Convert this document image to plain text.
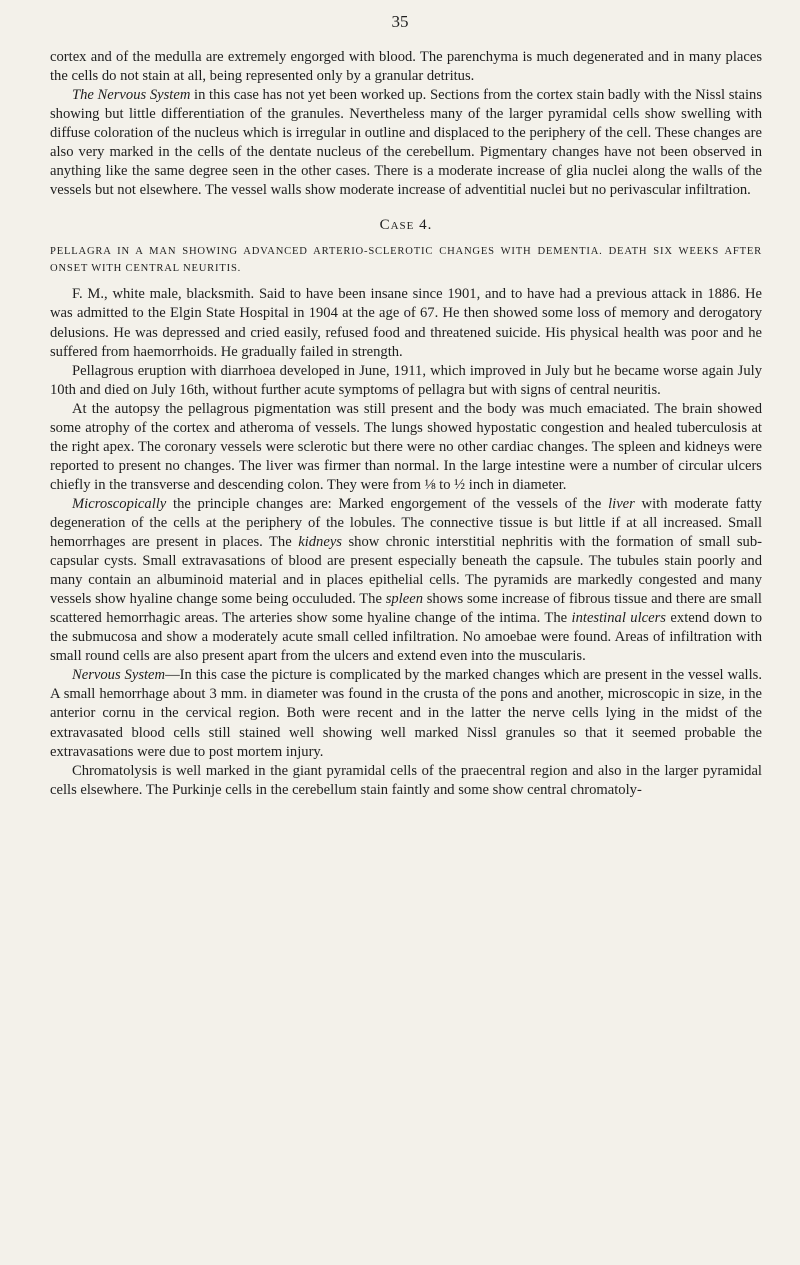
35

cortex and of the medulla are extremely engorged with blood. The parenchyma is much degenerated and in many places the cells do not stain at all, being represented only by a granular detritus.

The Nervous System in this case has not yet been worked up. Sections from the cortex stain badly with the Nissl stains showing but little differentiation of the granules. Nevertheless many of the larger pyramidal cells show swelling with diffuse coloration of the nucleus which is irregular in outline and displaced to the periphery of the cell. These changes are also very marked in the cells of the dentate nucleus of the cerebellum. Pigmentary changes have not been observed in anything like the same degree seen in the other cases. There is a moderate increase of glia nuclei along the walls of the vessels but not elsewhere. The vessel walls show moderate increase of adventitial nuclei but no perivascular infiltration.

Case 4.
PELLAGRA IN A MAN SHOWING ADVANCED ARTERIO-SCLEROTIC CHANGES WITH DEMENTIA. DEATH SIX WEEKS AFTER ONSET WITH CENTRAL NEURITIS.

F. M., white male, blacksmith. Said to have been insane since 1901, and to have had a previous attack in 1886. He was admitted to the Elgin State Hospital in 1904 at the age of 67. He then showed some loss of memory and derogatory delusions. He was depressed and cried easily, refused food and threatened suicide. His physical health was poor and he suffered from haemorrhoids. He gradually failed in strength.

Pellagrous eruption with diarrhoea developed in June, 1911, which improved in July but he became worse again July 10th and died on July 16th, without further acute symptoms of pellagra but with signs of central neuritis.

At the autopsy the pellagrous pigmentation was still present and the body was much emaciated. The brain showed some atrophy of the cortex and atheroma of vessels. The lungs showed hypostatic congestion and healed tuberculosis at the right apex. The coronary vessels were sclerotic but there were no other cardiac changes. The spleen and kidneys were reported to present no changes. The liver was firmer than normal. In the large intestine were a number of circular ulcers chiefly in the transverse and descending colon. They were from ⅛ to ½ inch in diameter.

Microscopically the principle changes are: Marked engorgement of the vessels of the liver with moderate fatty degeneration of the cells at the periphery of the lobules. The connective tissue is but little if at all increased. Small hemorrhages are present in places. The kidneys show chronic interstitial nephritis with the formation of small sub-capsular cysts. Small extravasations of blood are present especially beneath the capsule. The tubules stain poorly and many contain an albuminoid material and in places epithelial cells. The pyramids are markedly congested and many vessels show hyaline change some being occuluded. The spleen shows some increase of fibrous tissue and there are small scattered hemorrhagic areas. The arteries show some hyaline change of the intima. The intestinal ulcers extend down to the submucosa and show a moderately acute small celled infiltration. No amoebae were found. Areas of infiltration with small round cells are also present apart from the ulcers and extend even into the muscularis.

Nervous System—In this case the picture is complicated by the marked changes which are present in the vessel walls. A small hemorrhage about 3 mm. in diameter was found in the crusta of the pons and another, microscopic in size, in the anterior cornu in the cervical region. Both were recent and in the latter the nerve cells lying in the midst of the extravasated blood cells still stained well showing well marked Nissl granules so that it seemed probable the extravasations were due to post mortem injury.

Chromatolysis is well marked in the giant pyramidal cells of the praecentral region and also in the larger pyramidal cells elsewhere. The Purkinje cells in the cerebellum stain faintly and some show central chromatoly-
